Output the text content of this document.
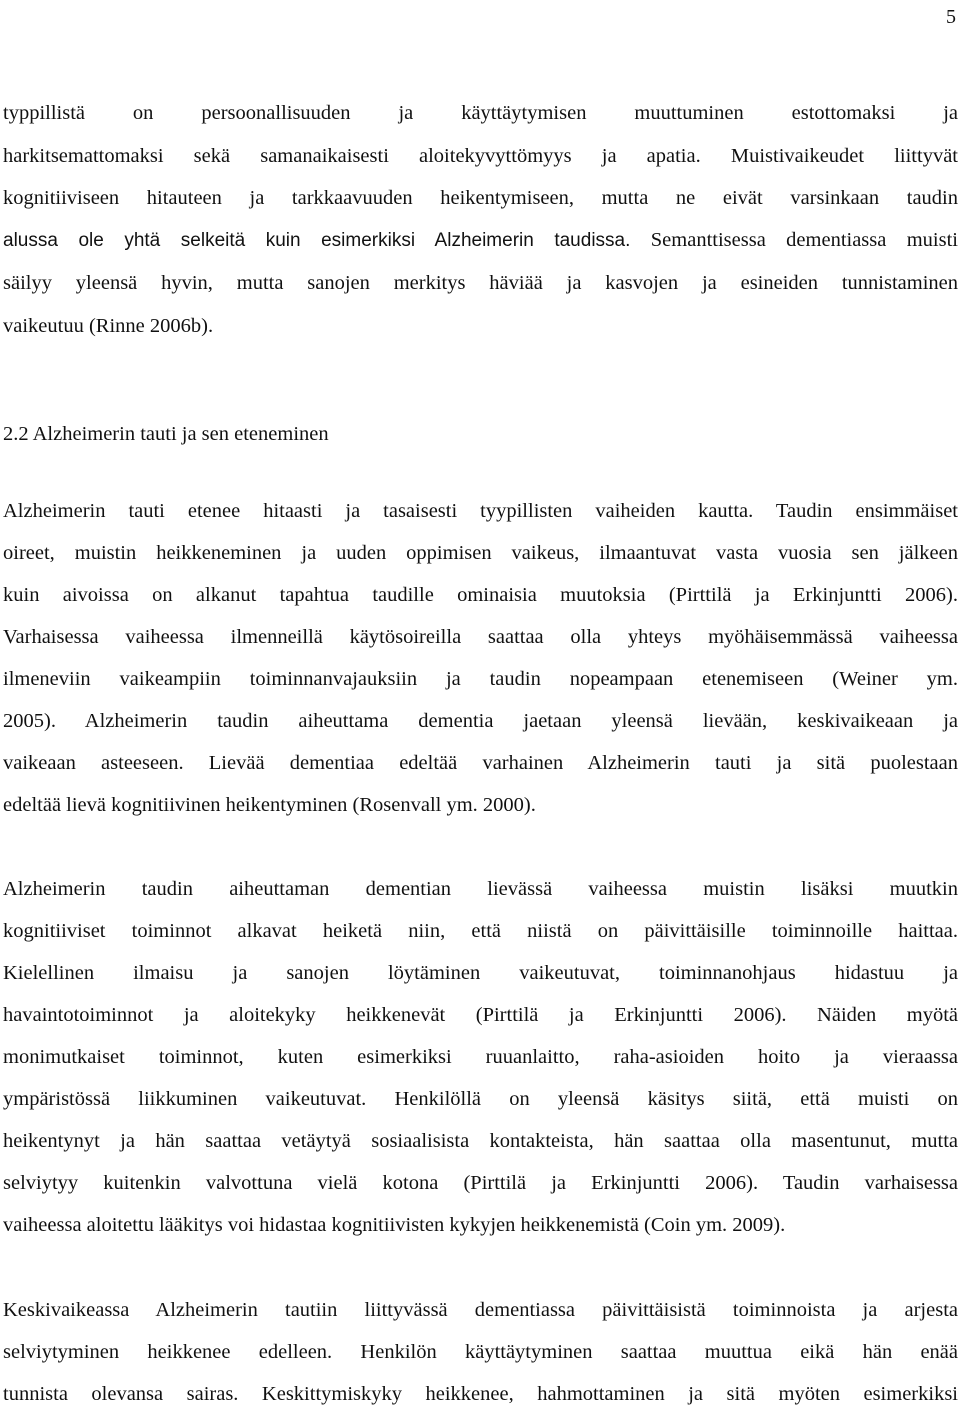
5
typpillistä on persoonallisuuden ja käyttäytymisen muuttuminen estottomaksi ja
harkitsemattomaksi sekä samanaikaisesti aloitekyvyttömyys ja apatia. Muistivaikeudet liittyvät
kognitiiviseen hitauteen ja tarkkaavuuden heikentymiseen, mutta ne eivät varsinkaan taudin
alussa ole yhtä selkeitä kuin esimerkiksi Alzheimerin taudissa. Semanttisessa dementiassa muisti
säilyy yleensä hyvin, mutta sanojen merkitys häviää ja kasvojen ja esineiden tunnistaminen
vaikeutuu (Rinne 2006b).
2.2 Alzheimerin tauti ja sen eteneminen
Alzheimerin tauti etenee hitaasti ja tasaisesti tyypillisten vaiheiden kautta. Taudin ensimmäiset
oireet, muistin heikkeneminen ja uuden oppimisen vaikeus, ilmaantuvat vasta vuosia sen jälkeen
kuin aivoissa on alkanut tapahtua taudille ominaisia muutoksia (Pirttilä ja Erkinjuntti 2006).
Varhaisessa vaiheessa ilmenneillä käytösoireilla saattaa olla yhteys myöhäisemmässä vaiheessa
ilmeneviin vaikeampiin toiminnanvajauksiin ja taudin nopeampaan etenemiseen (Weiner ym.
2005). Alzheimerin taudin aiheuttama dementia jaetaan yleensä lievään, keskivaikeaan ja
vaikeaan asteeseen. Lievää dementiaa edeltää varhainen Alzheimerin tauti ja sitä puolestaan
edeltää lievä kognitiivinen heikentyminen (Rosenvall ym. 2000).
Alzheimerin taudin aiheuttaman dementian lievässä vaiheessa muistin lisäksi muutkin
kognitiiviset toiminnot alkavat heiketä niin, että niistä on päivittäisille toiminnoille haittaa.
Kielellinen ilmaisu ja sanojen löytäminen vaikeutuvat, toiminnanohjaus hidastuu ja
havaintotoiminnot ja aloitekyky heikkenevät (Pirttilä ja Erkinjuntti 2006). Näiden myötä
monimutkaiset toiminnot, kuten esimerkiksi ruuanlaitto, raha-asioiden hoito ja vieraassa
ympäristössä liikkuminen vaikeutuvat. Henkilöllä on yleensä käsitys siitä, että muisti on
heikentynyt ja hän saattaa vetäytyä sosiaalisista kontakteista, hän saattaa olla masentunut, mutta
selviytyy kuitenkin valvottuna vielä kotona (Pirttilä ja Erkinjuntti 2006). Taudin varhaisessa
vaiheessa aloitettu lääkitys voi hidastaa kognitiivisten kykyjen heikkenemistä (Coin ym. 2009).
Keskivaikeassa Alzheimerin tautiin liittyvässä dementiassa päivittäisistä toiminnoista ja arjesta
selviytyminen heikkenee edelleen. Henkilön käyttäytyminen saattaa muuttua eikä hän enää
tunnista olevansa sairas. Keskittymiskyky heikkenee, hahmottaminen ja sitä myöten esimerkiksi
